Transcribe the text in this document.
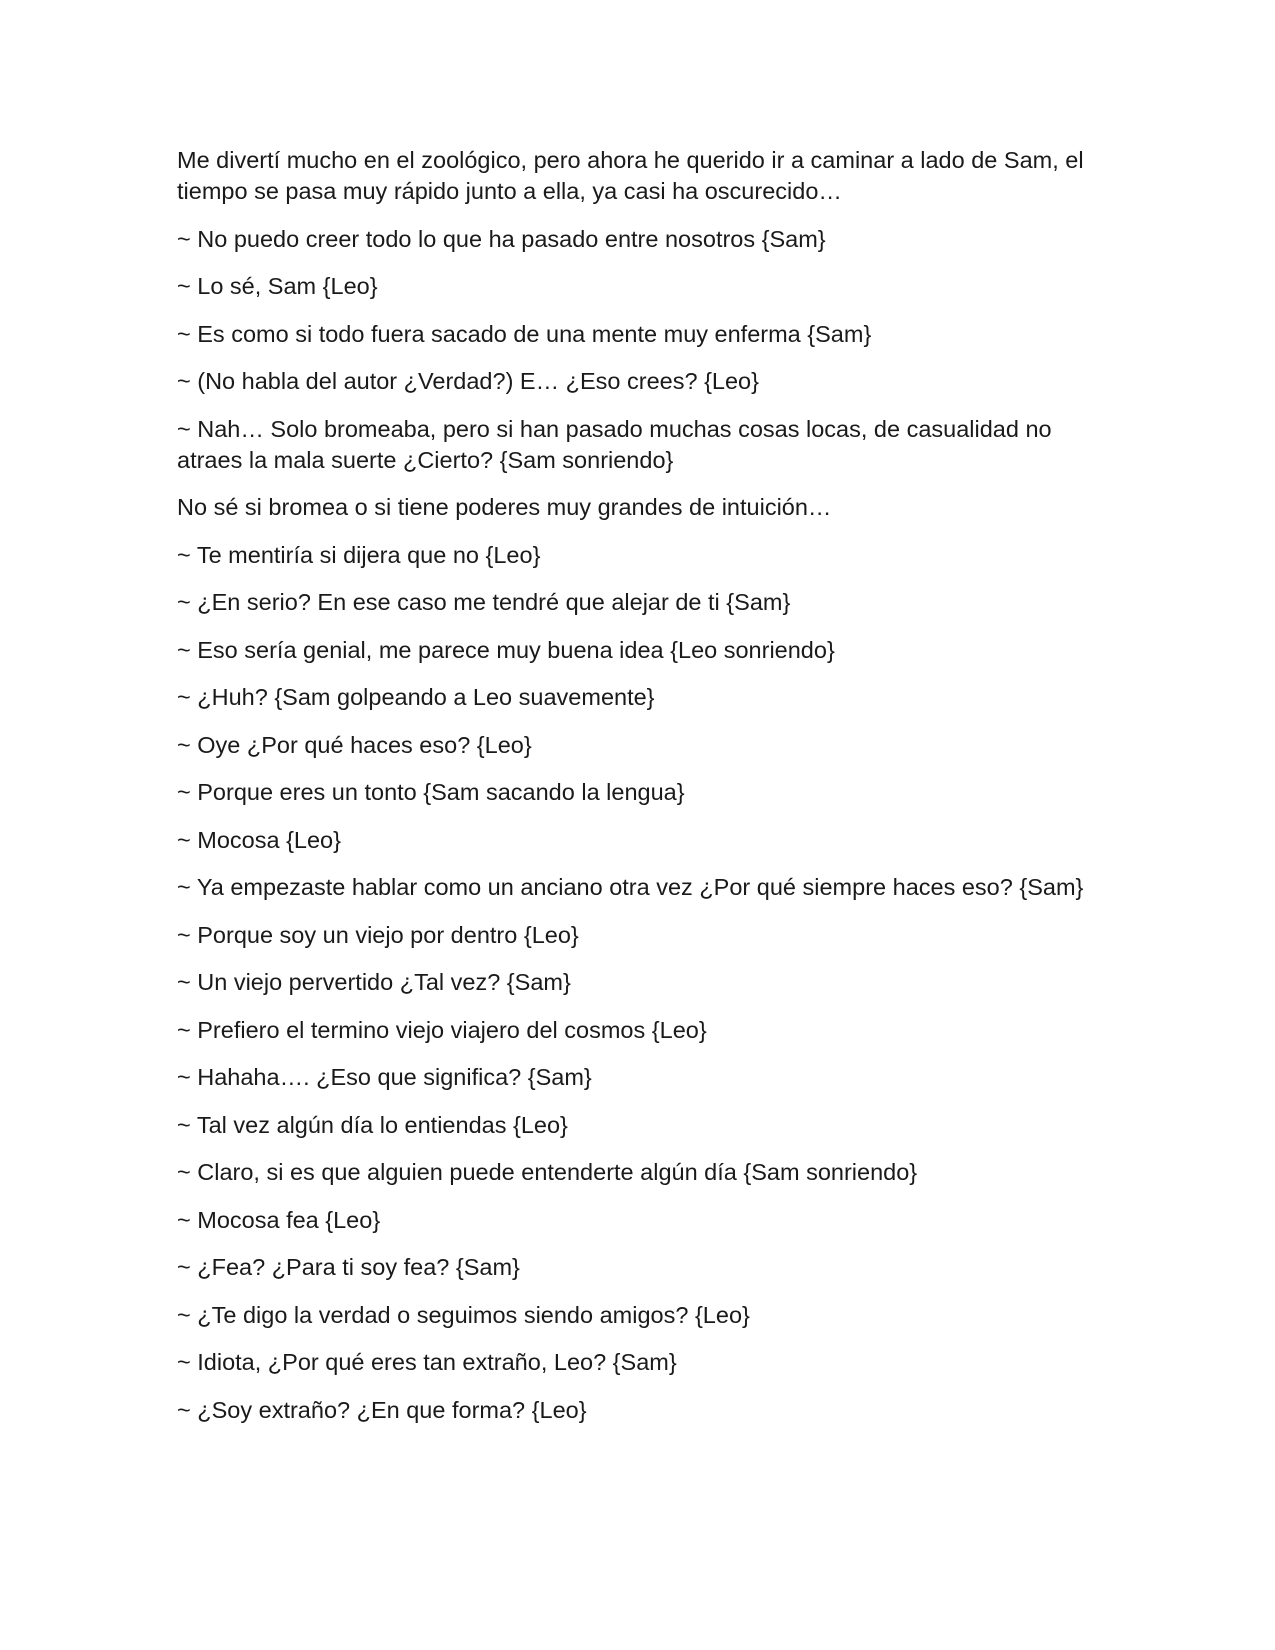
Me divertí mucho en el zoológico, pero ahora he querido ir a caminar a lado de Sam, el tiempo se pasa muy rápido junto a ella, ya casi ha oscurecido…

~ No puedo creer todo lo que ha pasado entre nosotros {Sam}

~ Lo sé, Sam {Leo}

~ Es como si todo fuera sacado de una mente muy enferma {Sam}

~ (No habla del autor ¿Verdad?) E… ¿Eso crees? {Leo}

~ Nah… Solo bromeaba, pero si han pasado muchas cosas locas, de casualidad no atraes la mala suerte ¿Cierto? {Sam sonriendo}

No sé si bromea o si tiene poderes muy grandes de intuición…

~ Te mentiría si dijera que no {Leo}

~ ¿En serio? En ese caso me tendré que alejar de ti {Sam}

~ Eso sería genial, me parece muy buena idea {Leo sonriendo}

~ ¿Huh? {Sam golpeando a Leo suavemente}

~ Oye ¿Por qué haces eso? {Leo}

~ Porque eres un tonto {Sam sacando la lengua}

~ Mocosa {Leo}

~ Ya empezaste hablar como un anciano otra vez ¿Por qué siempre haces eso? {Sam}

~ Porque soy un viejo por dentro {Leo}

~ Un viejo pervertido ¿Tal vez? {Sam}

~ Prefiero el termino viejo viajero del cosmos {Leo}

~ Hahaha…. ¿Eso que significa? {Sam}

~ Tal vez algún día lo entiendas {Leo}

~ Claro, si es que alguien puede entenderte algún día {Sam sonriendo}

~ Mocosa fea {Leo}

~ ¿Fea? ¿Para ti soy fea? {Sam}

~ ¿Te digo la verdad o seguimos siendo amigos? {Leo}

~ Idiota, ¿Por qué eres tan extraño, Leo? {Sam}

~ ¿Soy extraño? ¿En que forma? {Leo}
